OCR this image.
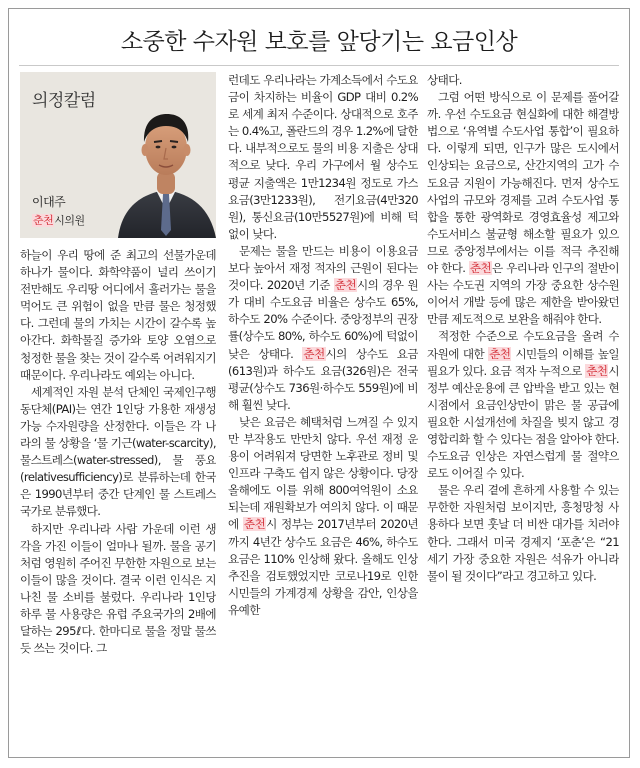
소중한 수자원 보호를 앞당기는 요금인상
의정칼럼
이대주
춘천시의원

하늘이 우리 땅에 준 최고의 선물가운데 하나가 물이다. 화학약품이 널리 쓰이기 전만해도 우리땅 어디에서 흘러가는 물을 먹어도 큰 위험이 없을 만큼 물은 청정했다. 그런데 물의 가치는 시간이 갈수록 높아간다. 화학물질 증가와 토양 오염으로 청정한 물을 찾는 것이 갈수록 어려워지기 때문이다. 우리나라도 예외는 아니다.

세계적인 자원 분석 단체인 국제인구행동단체(PAI)는 연간 1인당 가용한 재생성 가능 수자원량을 산정한다. 이들은 각 나라의 물 상황을 ‘물 기근(water-scarcity), 물스트레스(water-stressed), 물 풍요(relativesufficiency)로 분류하는데 한국은 1990년부터 중간 단계인 물 스트레스 국가로 분류했다.

하지만 우리나라 사람 가운데 이런 생각을 가진 이들이 얼마나 될까. 물을 공기처럼 영원히 주어진 무한한 자원으로 보는 이들이 많을 것이다. 결국 이런 인식은 지나친 물 소비를 불렀다. 우리나라 1인당 하루 물 사용량은 유럽 주요국가의 2배에 달하는 295ℓ다. 한마디로 물을 정말 물쓰듯 쓰는 것이다. 그

런데도 우리나라는 가계소득에서 수도요금이 차지하는 비율이 GDP 대비 0.2%로 세계 최저 수준이다. 상대적으로 호주는 0.4%고, 폴란드의 경우 1.2%에 달한다. 내부적으로도 물의 비용 지출은 상대적으로 낮다. 우리 가구에서 월 상수도 평균 지출액은 1만1234원 정도로 가스요금(3만1233원), 전기요금(4만320원), 통신요금(10만5527원)에 비해 턱없이 낮다.

문제는 물을 만드는 비용이 이용요금보다 높아서 재정 적자의 근원이 된다는 것이다. 2020년 기준 춘천시의 경우 원가 대비 수도요금 비율은 상수도 65%, 하수도 20% 수준이다. 중앙정부의 권장률(상수도 80%, 하수도 60%)에 턱없이 낮은 상태다. 춘천시의 상수도 요금(613원)과 하수도 요금(326원)은 전국 평균(상수도 736원·하수도 559원)에 비해 훨씬 낮다.

낮은 요금은 혜택처럼 느껴질 수 있지만 부작용도 만만치 않다. 우선 재정 운용이 어려워져 당면한 노후관로 정비 및 인프라 구축도 쉽지 않은 상황이다. 당장 올해에도 이를 위해 800여억원이 소요되는데 재원확보가 여의치 않다. 이 때문에 춘천시 정부는 2017년부터 2020년까지 4년간 상수도 요금은 46%, 하수도 요금은 110% 인상해 왔다. 올해도 인상 추진을 검토했었지만 코로나19로 인한 시민들의 가계경제 상황을 감안, 인상을 유예한

상태다.

그럼 어떤 방식으로 이 문제를 풀어갈까. 우선 수도요금 현실화에 대한 해결방법으로 ‘유역별 수도사업 통합’이 필요하다. 이렇게 되면, 인구가 많은 도시에서 인상되는 요금으로, 산간지역의 고가 수도요금 지원이 가능해진다. 먼저 상수도 사업의 규모와 경제를 고려 수도사업 통합을 통한 광역화로 경영효율성 제고와 수도서비스 불균형 해소할 필요가 있으므로 중앙정부에서는 이를 적극 추진해야 한다. 춘천은 우리나라 인구의 절반이 사는 수도권 지역의 가장 중요한 상수원이어서 개발 등에 많은 제한을 받아왔던 만큼 제도적으로 보완을 해줘야 한다.

적정한 수준으로 수도요금을 올려 수자원에 대한 춘천 시민들의 이해를 높일 필요가 있다. 요금 적자 누적으로 춘천시 정부 예산운용에 큰 압박을 받고 있는 현 시점에서 요금인상만이 맑은 물 공급에 필요한 시설개선에 차질을 빚지 않고 경영합리화 할 수 있다는 점을 알아야 한다. 수도요금 인상은 자연스럽게 물 절약으로도 이어질 수 있다.

물은 우리 곁에 흔하게 사용할 수 있는 무한한 자원처럼 보이지만, 흥청망청 사용하다 보면 훗날 더 비싼 대가를 치러야 한다. 그래서 미국 경제지 ‘포춘’은 “21세기 가장 중요한 자원은 석유가 아니라 물이 될 것이다”라고 경고하고 있다.
